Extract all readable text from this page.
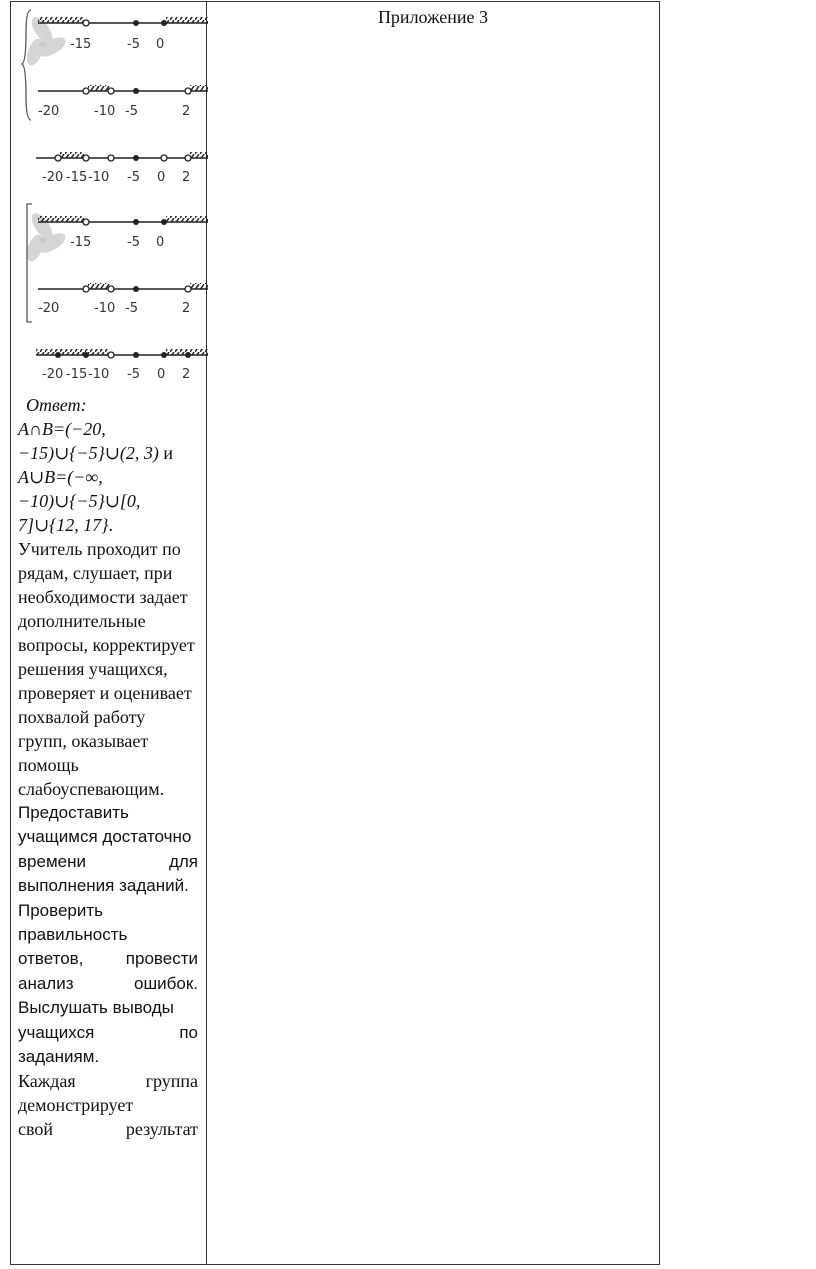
Приложение 3
-15	-5 0
-20	-10 -5	2
-20 -15 -10 -5 0 2
-15	-5 0
-20	-10 -5	2
-20 -15 -10 -5 0 2

Ответ:

A∩B=(−20,

−15)∪{−5}∪(2, 3) и

A∪B=(−∞,

−10)∪{−5}∪[0,

7]∪{12, 17}.

Учитель проходит по рядам, слушает, при необходимости задает дополнительные вопросы, корректирует решения учащихся, проверяет и оценивает похвалой работу групп, оказывает помощь слабоуспевающим.

Предоставить учащимся достаточно
времени	для
выполнения заданий.
Проверить правильность
ответов, провести
анализ	ошибок.
Выслушать выводы
учащихся	по
заданиям.
Каждая	группа
демонстрирует
свой	результат
